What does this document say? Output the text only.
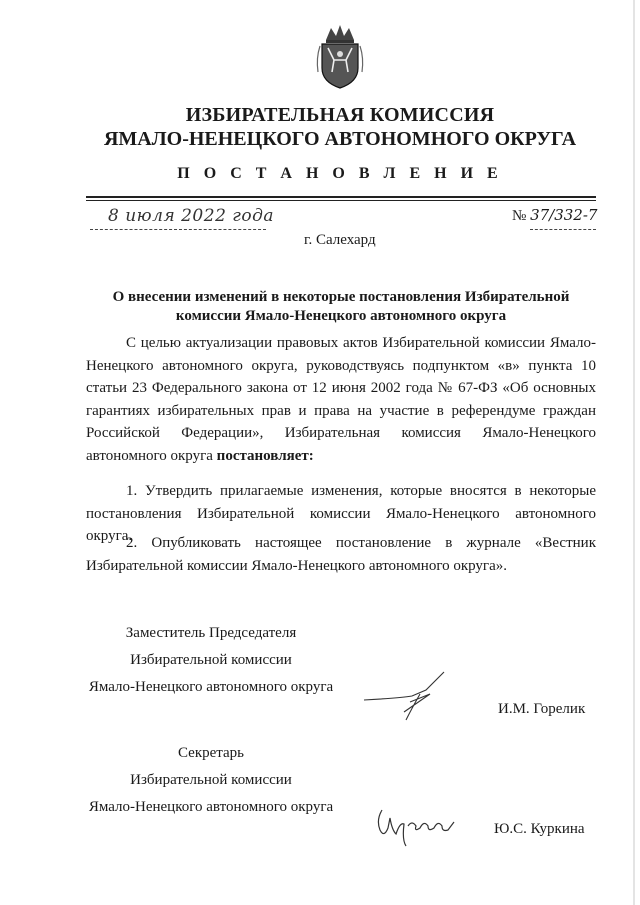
ИЗБИРАТЕЛЬНАЯ КОМИССИЯ
ЯМАЛО-НЕНЕЦКОГО АВТОНОМНОГО ОКРУГА
П О С Т А Н О В Л Е Н И Е
8 июля 2022 года	№ 37/332-7
г. Салехард
О внесении изменений в некоторые постановления Избирательной комиссии Ямало-Ненецкого автономного округа
С целью актуализации правовых актов Избирательной комиссии Ямало-Ненецкого автономного округа, руководствуясь подпунктом «в» пункта 10 статьи 23 Федерального закона от 12 июня 2002 года № 67-ФЗ «Об основных гарантиях избирательных прав и права на участие в референдуме граждан Российской Федерации», Избирательная комиссия Ямало-Ненецкого автономного округа постановляет:
1. Утвердить прилагаемые изменения, которые вносятся в некоторые постановления Избирательной комиссии Ямало-Ненецкого автономного округа.
2. Опубликовать настоящее постановление в журнале «Вестник Избирательной комиссии Ямало-Ненецкого автономного округа».
Заместитель Председателя
Избирательной комиссии
Ямало-Ненецкого автономного округа
И.М. Горелик
Секретарь
Избирательной комиссии
Ямало-Ненецкого автономного округа
Ю.С. Куркина
